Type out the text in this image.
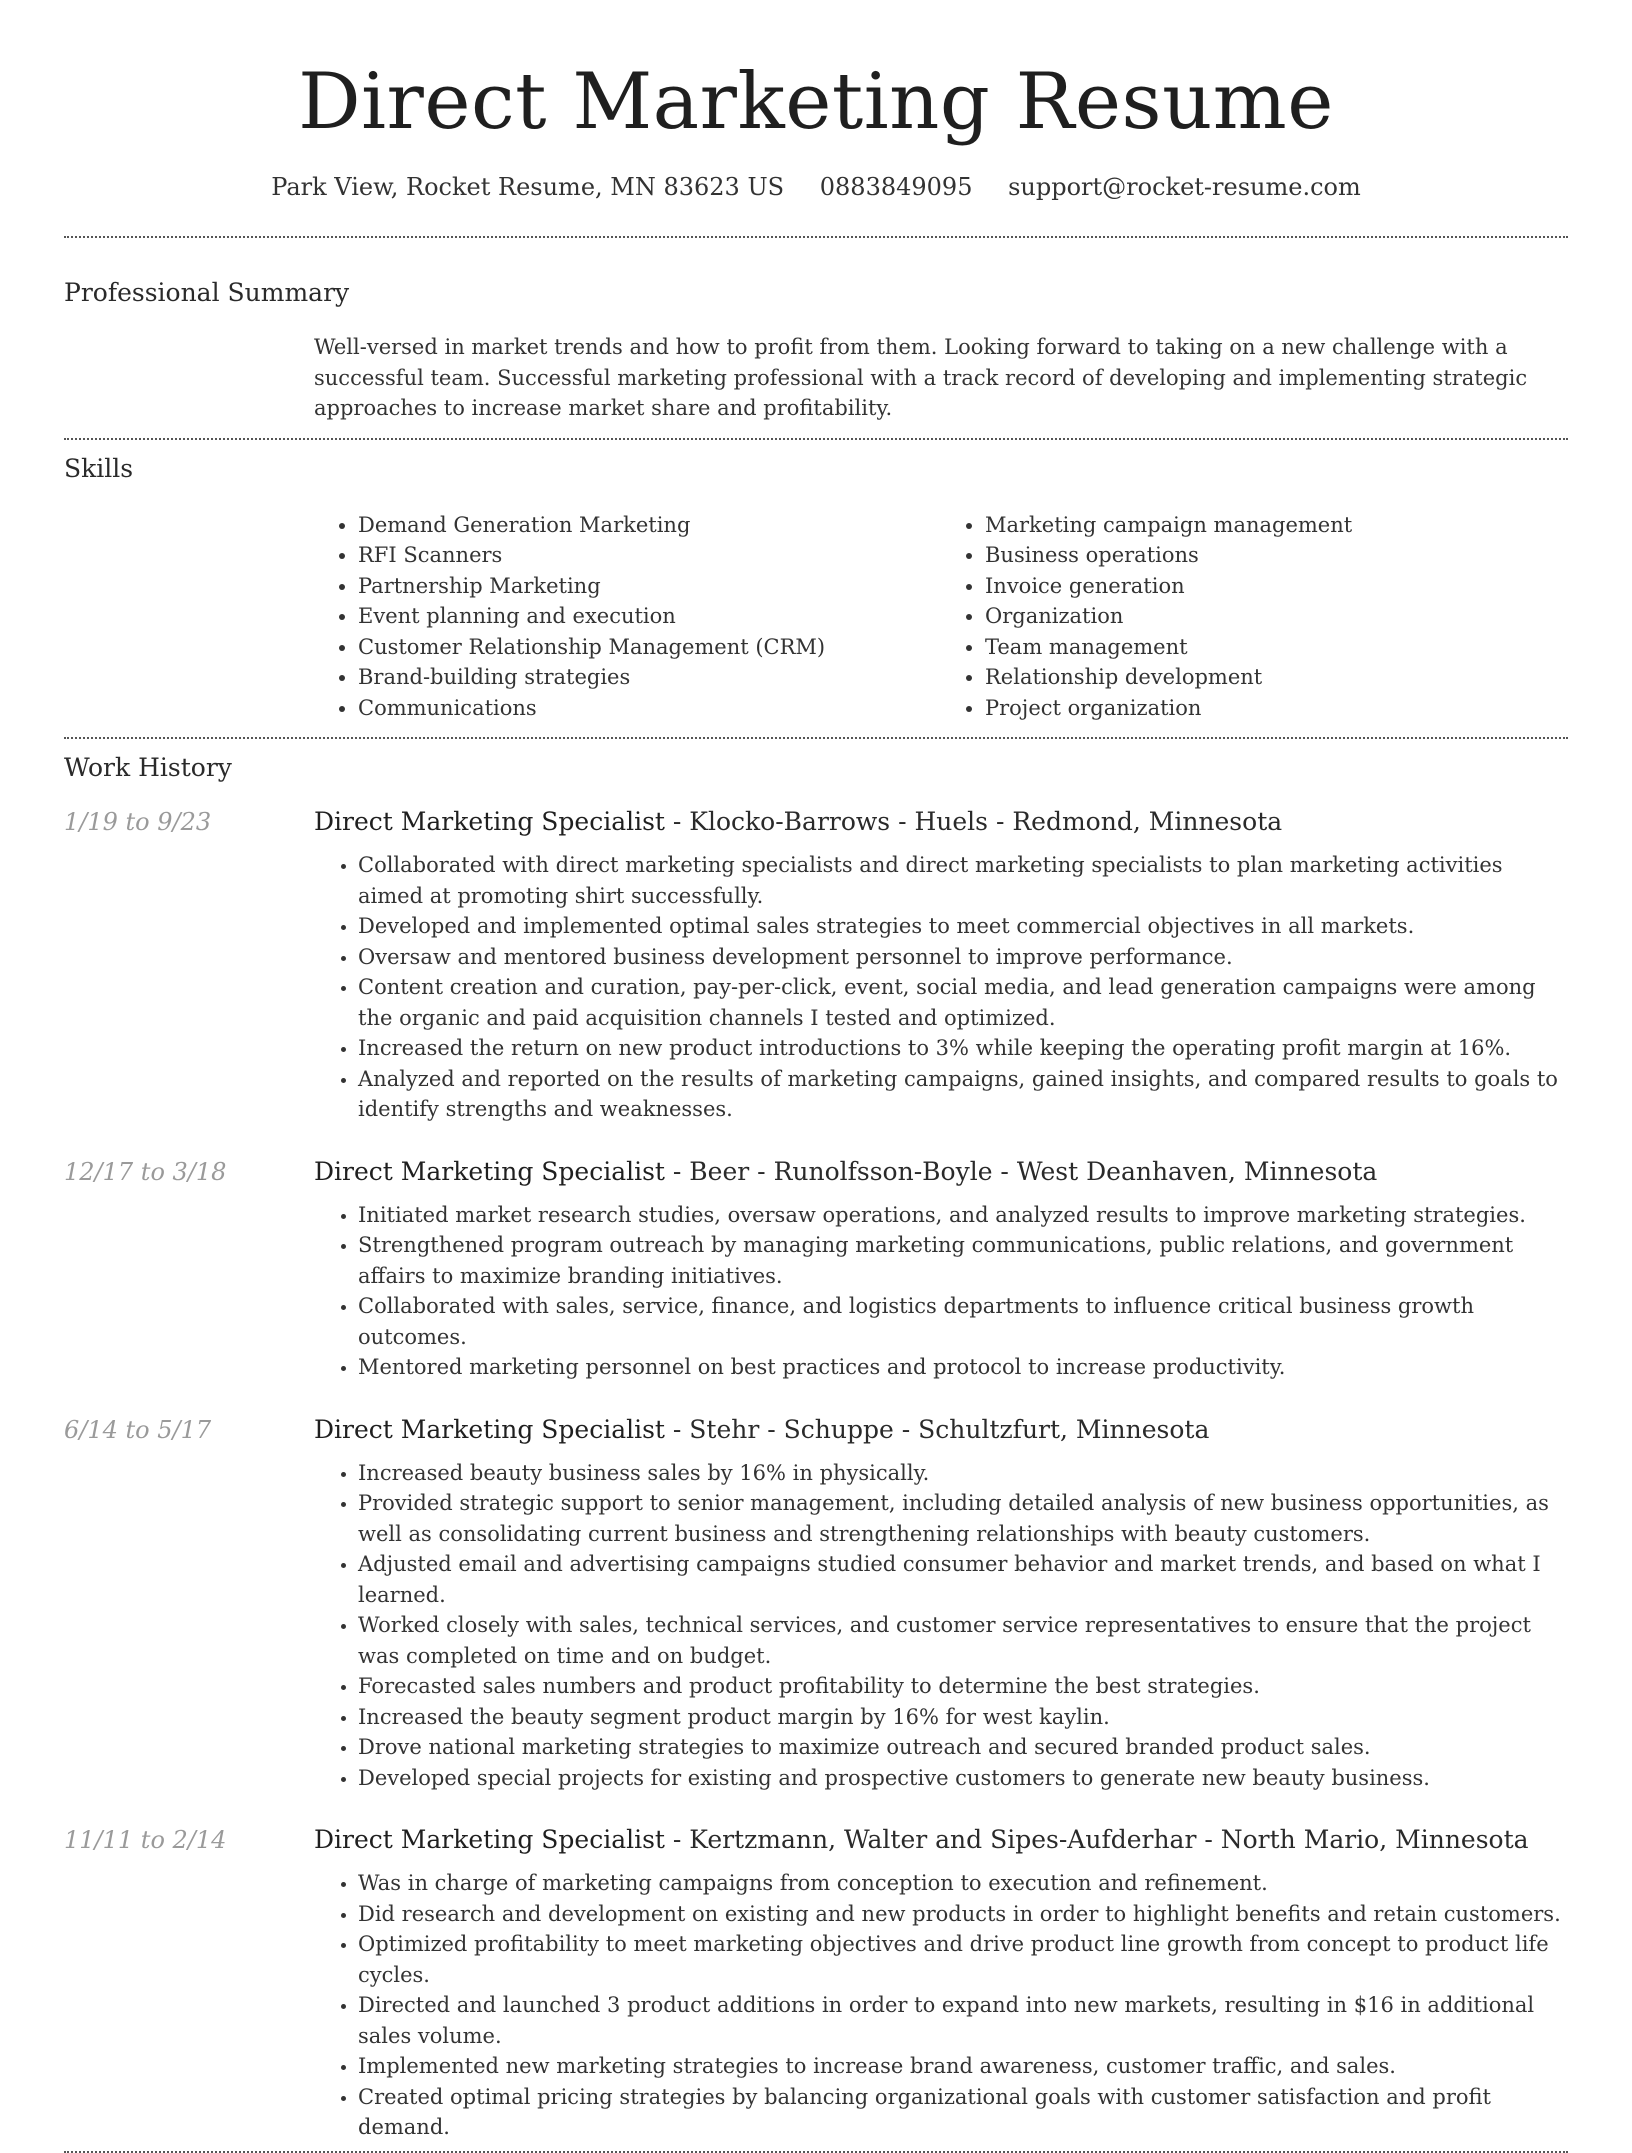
Direct Marketing Resume
Park View, Rocket Resume, MN 83623 US 0883849095 support@rocket-resume.com
Professional Summary
Well-versed in market trends and how to profit from them. Looking forward to taking on a new challenge with a successful team. Successful marketing professional with a track record of developing and implementing strategic approaches to increase market share and profitability.
Skills
• Demand Generation Marketing
• RFI Scanners
• Partnership Marketing
• Event planning and execution
• Customer Relationship Management (CRM)
• Brand-building strategies
• Communications
• Marketing campaign management
• Business operations
• Invoice generation
• Organization
• Team management
• Relationship development
• Project organization
Work History
1/19 to 9/23	Direct Marketing Specialist - Klocko-Barrows - Huels - Redmond, Minnesota
• Collaborated with direct marketing specialists and direct marketing specialists to plan marketing activities aimed at promoting shirt successfully.
• Developed and implemented optimal sales strategies to meet commercial objectives in all markets.
• Oversaw and mentored business development personnel to improve performance.
• Content creation and curation, pay-per-click, event, social media, and lead generation campaigns were among the organic and paid acquisition channels I tested and optimized.
• Increased the return on new product introductions to 3% while keeping the operating profit margin at 16%.
• Analyzed and reported on the results of marketing campaigns, gained insights, and compared results to goals to identify strengths and weaknesses.
12/17 to 3/18	Direct Marketing Specialist - Beer - Runolfsson-Boyle - West Deanhaven, Minnesota
• Initiated market research studies, oversaw operations, and analyzed results to improve marketing strategies.
• Strengthened program outreach by managing marketing communications, public relations, and government affairs to maximize branding initiatives.
• Collaborated with sales, service, finance, and logistics departments to influence critical business growth outcomes.
• Mentored marketing personnel on best practices and protocol to increase productivity.
6/14 to 5/17	Direct Marketing Specialist - Stehr - Schuppe - Schultzfurt, Minnesota
• Increased beauty business sales by 16% in physically.
• Provided strategic support to senior management, including detailed analysis of new business opportunities, as well as consolidating current business and strengthening relationships with beauty customers.
• Adjusted email and advertising campaigns studied consumer behavior and market trends, and based on what I learned.
• Worked closely with sales, technical services, and customer service representatives to ensure that the project was completed on time and on budget.
• Forecasted sales numbers and product profitability to determine the best strategies.
• Increased the beauty segment product margin by 16% for west kaylin.
• Drove national marketing strategies to maximize outreach and secured branded product sales.
• Developed special projects for existing and prospective customers to generate new beauty business.
11/11 to 2/14	Direct Marketing Specialist - Kertzmann, Walter and Sipes-Aufderhar - North Mario, Minnesota
• Was in charge of marketing campaigns from conception to execution and refinement.
• Did research and development on existing and new products in order to highlight benefits and retain customers.
• Optimized profitability to meet marketing objectives and drive product line growth from concept to product life cycles.
• Directed and launched 3 product additions in order to expand into new markets, resulting in $16 in additional sales volume.
• Implemented new marketing strategies to increase brand awareness, customer traffic, and sales.
• Created optimal pricing strategies by balancing organizational goals with customer satisfaction and profit demand.
